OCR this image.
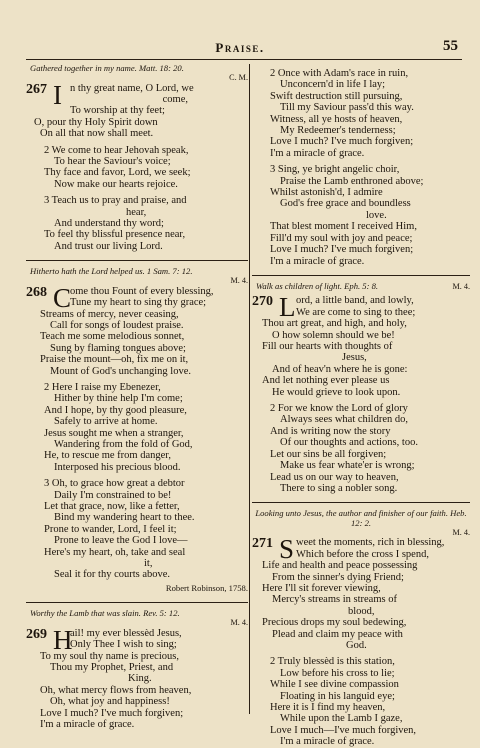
Praise.	55
Gathered together in my name. Matt. 18: 20.
C. M.
267 I n thy great name, O Lord, we
come,
To worship at thy feet;
O, pour thy Holy Spirit down
On all that now shall meet.
2 We come to hear Jehovah speak,
To hear the Saviour's voice;
Thy face and favor, Lord, we seek;
Now make our hearts rejoice.
3 Teach us to pray and praise, and
hear,
And understand thy word;
To feel thy blissful presence near,
And trust our living Lord.
Hitherto hath the Lord helped us. 1 Sam. 7: 12.
M. 4.
268 C
ome thou Fount of every blessing,
Tune my heart to sing thy grace;
Streams of mercy, never ceasing,
Call for songs of loudest praise.
Teach me some melodious sonnet,
Sung by flaming tongues above;
Praise the mount—oh, fix me on it,
Mount of God's unchanging love.
2 Here I raise my Ebenezer,
Hither by thine help I'm come;
And I hope, by thy good pleasure,
Safely to arrive at home.
Jesus sought me when a stranger,
Wandering from the fold of God,
He, to rescue me from danger,
Interposed his precious blood.
3 Oh, to grace how great a debtor
Daily I'm constrained to be!
Let that grace, now, like a fetter,
Bind my wandering heart to thee.
Prone to wander, Lord, I feel it;
Prone to leave the God I love—
Here's my heart, oh, take and seal
it,
Seal it for thy courts above.
Robert Robinson, 1758.
Worthy the Lamb that was slain. Rev. 5: 12.
M. 4.
269 H
ail! my ever blessèd Jesus,
Only Thee I wish to sing;
To my soul thy name is precious,
Thou my Prophet, Priest, and
King.
Oh, what mercy flows from heaven,
Oh, what joy and happiness!
Love I much? I've much forgiven;
I'm a miracle of grace.
2 Once with Adam's race in ruin,
Unconcern'd in life I lay;
Swift destruction still pursuing,
Till my Saviour pass'd this way.
Witness, all ye hosts of heaven,
My Redeemer's tenderness;
Love I much? I've much forgiven;
I'm a miracle of grace.
3 Sing, ye bright angelic choir,
Praise the Lamb enthroned above;
Whilst astonish'd, I admire
God's free grace and boundless
love.
That blest moment I received Him,
Fill'd my soul with joy and peace;
Love I much? I've much forgiven;
I'm a miracle of grace.
Walk as children of light. Eph. 5: 8.	M. 4.
270 L ord, a little band, and lowly,
We are come to sing to thee;
Thou art great, and high, and holy,
O how solemn should we be!
Fill our hearts with thoughts of
Jesus,
And of heav'n where he is gone:
And let nothing ever please us
He would grieve to look upon.
2 For we know the Lord of glory
Always sees what children do,
And is writing now the story
Of our thoughts and actions, too.
Let our sins be all forgiven;
Make us fear whate'er is wrong;
Lead us on our way to heaven,
There to sing a nobler song.
Looking unto Jesus, the author and finisher of our faith. Heb. 12: 2.
M. 4.
271 S weet the moments, rich in blessing,
Which before the cross I spend,
Life and health and peace possessing
From the sinner's dying Friend;
Here I'll sit forever viewing,
Mercy's streams in streams of
blood,
Precious drops my soul bedewing,
Plead and claim my peace with
God.
2 Truly blessèd is this station,
Low before his cross to lie;
While I see divine compassion
Floating in his languid eye;
Here it is I find my heaven,
While upon the Lamb I gaze,
Love I much—I've much forgiven,
I'm a miracle of grace.
